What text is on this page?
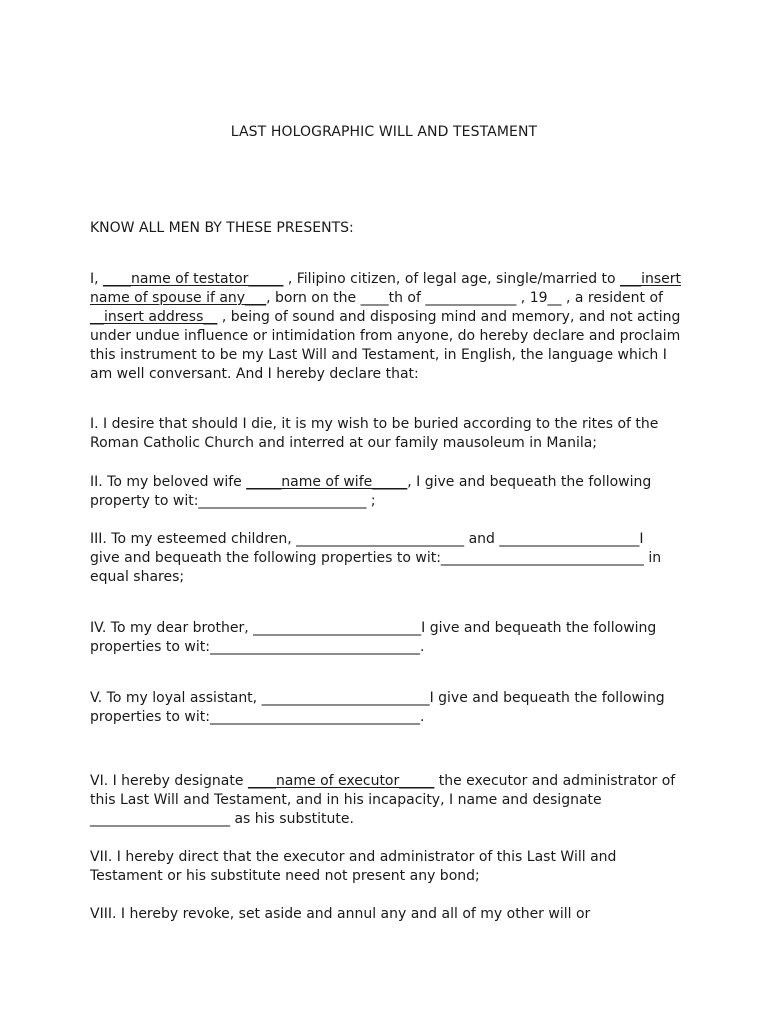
LAST HOLOGRAPHIC WILL AND TESTAMENT
KNOW ALL MEN BY THESE PRESENTS:
I, ____name of testator_____ , Filipino citizen, of legal age, single/married to ___insert
name of spouse if any___, born on the ____th of _____________ , 19__ , a resident of
__insert address__ , being of sound and disposing mind and memory, and not acting
under undue influence or intimidation from anyone, do hereby declare and proclaim
this instrument to be my Last Will and Testament, in English, the language which I
am well conversant. And I hereby declare that:
I. I desire that should I die, it is my wish to be buried according to the rites of the
Roman Catholic Church and interred at our family mausoleum in Manila;
II. To my beloved wife _____name of wife_____, I give and bequeath the following
property to wit:________________________ ;
III. To my esteemed children, ________________________ and ____________________I
give and bequeath the following properties to wit:_____________________________ in
equal shares;
IV. To my dear brother, ________________________I give and bequeath the following
properties to wit:______________________________.
V. To my loyal assistant, ________________________I give and bequeath the following
properties to wit:______________________________.
VI. I hereby designate ____name of executor_____ the executor and administrator of
this Last Will and Testament, and in his incapacity, I name and designate
____________________ as his substitute.
VII. I hereby direct that the executor and administrator of this Last Will and
Testament or his substitute need not present any bond;
VIII. I hereby revoke, set aside and annul any and all of my other will or
